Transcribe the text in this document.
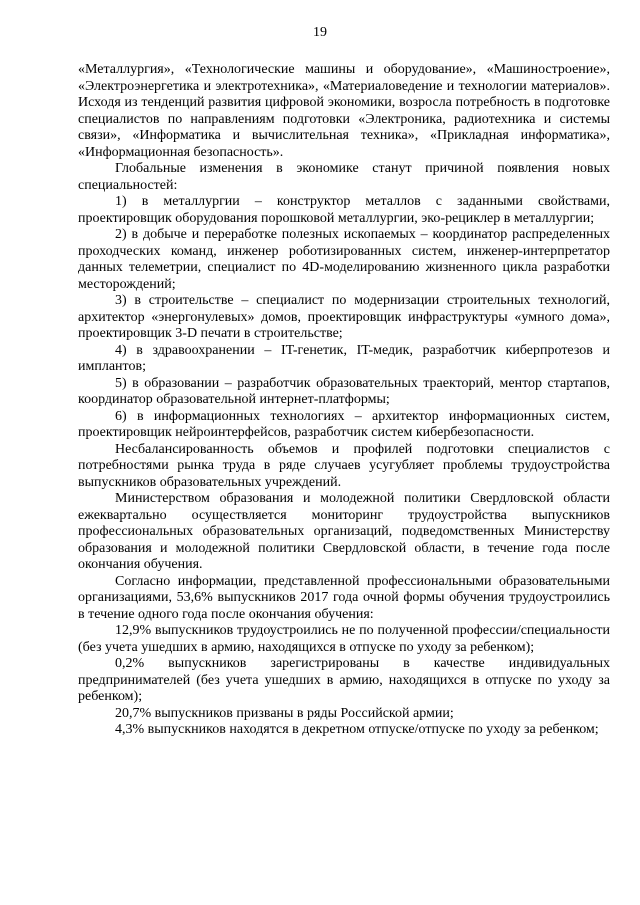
19

«Металлургия», «Технологические машины и оборудование», «Машиностроение», «Электроэнергетика и электротехника», «Материаловедение и технологии материалов». Исходя из тенденций развития цифровой экономики, возросла потребность в подготовке специалистов по направлениям подготовки «Электроника, радиотехника и системы связи», «Информатика и вычислительная техника», «Прикладная информатика», «Информационная безопасность».

Глобальные изменения в экономике станут причиной появления новых специальностей:

1) в металлургии – конструктор металлов с заданными свойствами, проектировщик оборудования порошковой металлургии, эко-рециклер в металлургии;

2) в добыче и переработке полезных ископаемых – координатор распределенных проходческих команд, инженер роботизированных систем, инженер-интерпретатор данных телеметрии, специалист по 4D-моделированию жизненного цикла разработки месторождений;

3) в строительстве – специалист по модернизации строительных технологий, архитектор «энергонулевых» домов, проектировщик инфраструктуры «умного дома», проектировщик 3-D печати в строительстве;

4) в здравоохранении – IT-генетик, IT-медик, разработчик киберпротезов и имплантов;

5) в образовании – разработчик образовательных траекторий, ментор стартапов, координатор образовательной интернет-платформы;

6) в информационных технологиях – архитектор информационных систем, проектировщик нейроинтерфейсов, разработчик систем кибербезопасности.

Несбалансированность объемов и профилей подготовки специалистов с потребностями рынка труда в ряде случаев усугубляет проблемы трудоустройства выпускников образовательных учреждений.

Министерством образования и молодежной политики Свердловской области ежеквартально осуществляется мониторинг трудоустройства выпускников профессиональных образовательных организаций, подведомственных Министерству образования и молодежной политики Свердловской области, в течение года после окончания обучения.

Согласно информации, представленной профессиональными образовательными организациями, 53,6% выпускников 2017 года очной формы обучения трудоустроились в течение одного года после окончания обучения:

12,9% выпускников трудоустроились не по полученной профессии/специальности (без учета ушедших в армию, находящихся в отпуске по уходу за ребенком);

0,2% выпускников зарегистрированы в качестве индивидуальных предпринимателей (без учета ушедших в армию, находящихся в отпуске по уходу за ребенком);

20,7% выпускников призваны в ряды Российской армии;

4,3% выпускников находятся в декретном отпуске/отпуске по уходу за ребенком;
